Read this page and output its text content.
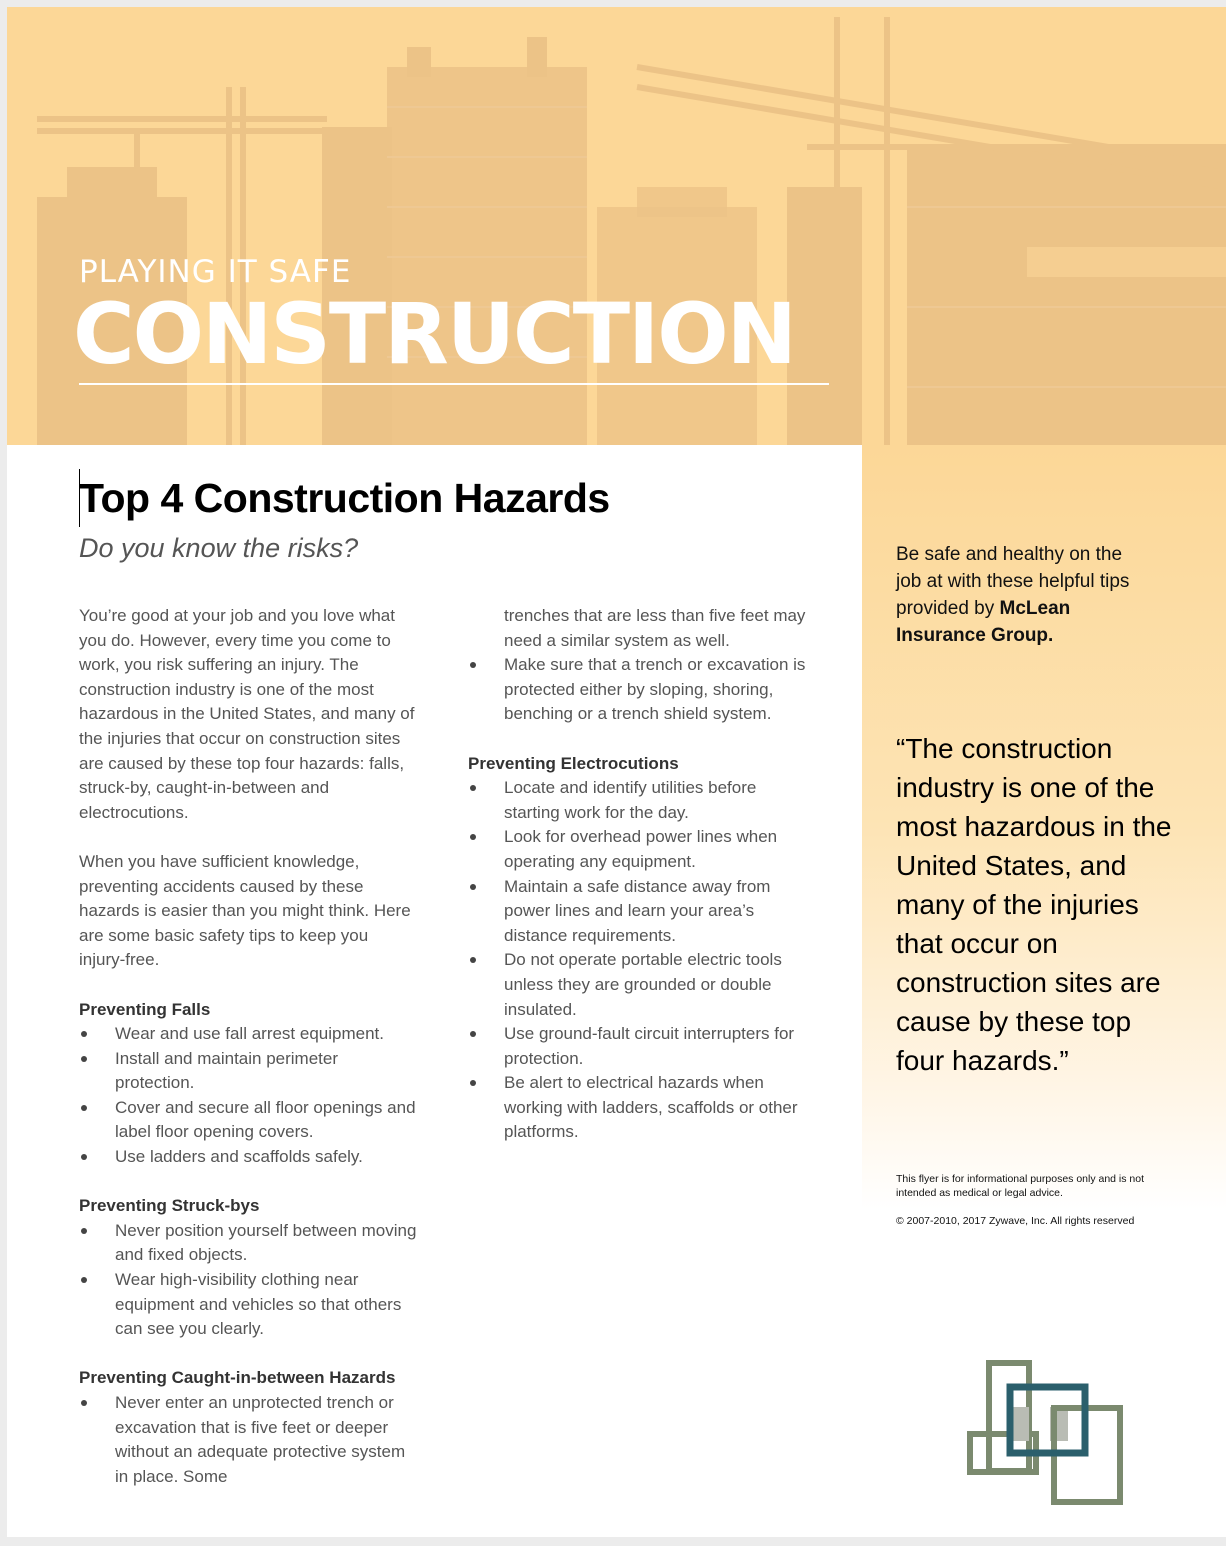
PLAYING IT SAFE
CONSTRUCTION
Be safe and healthy on the job at with these helpful tips provided by McLean Insurance Group.
“The construction industry is one of the most hazardous in the United States, and many of the injuries that occur on construction sites are cause by these top four hazards.”
This flyer is for informational purposes only and is not intended as medical or legal advice.
© 2007-2010, 2017 Zywave, Inc. All rights reserved
Top 4 Construction Hazards
Do you know the risks?

You’re good at your job and you love what you do. However, every time you come to work, you risk suffering an injury. The construction industry is one of the most hazardous in the United States, and many of the injuries that occur on construction sites are caused by these top four hazards: falls, struck-by, caught-in-between and electrocutions.

When you have sufficient knowledge, preventing accidents caused by these hazards is easier than you might think. Here are some basic safety tips to keep you injury-free.

Preventing Falls
Wear and use fall arrest equipment.
Install and maintain perimeter protection.
Cover and secure all floor openings and label floor opening covers.
Use ladders and scaffolds safely.
Preventing Struck-bys
Never position yourself between moving and fixed objects.
Wear high-visibility clothing near equipment and vehicles so that others can see you clearly.
Preventing Caught-in-between Hazards
Never enter an unprotected trench or excavation that is five feet or deeper without an adequate protective system in place. Some
trenches that are less than five feet may need a similar system as well.
Make sure that a trench or excavation is protected either by sloping, shoring, benching or a trench shield system.
Preventing Electrocutions
Locate and identify utilities before starting work for the day.
Look for overhead power lines when operating any equipment.
Maintain a safe distance away from power lines and learn your area’s distance requirements.
Do not operate portable electric tools unless they are grounded or double insulated.
Use ground-fault circuit interrupters for protection.
Be alert to electrical hazards when working with ladders, scaffolds or other platforms.
